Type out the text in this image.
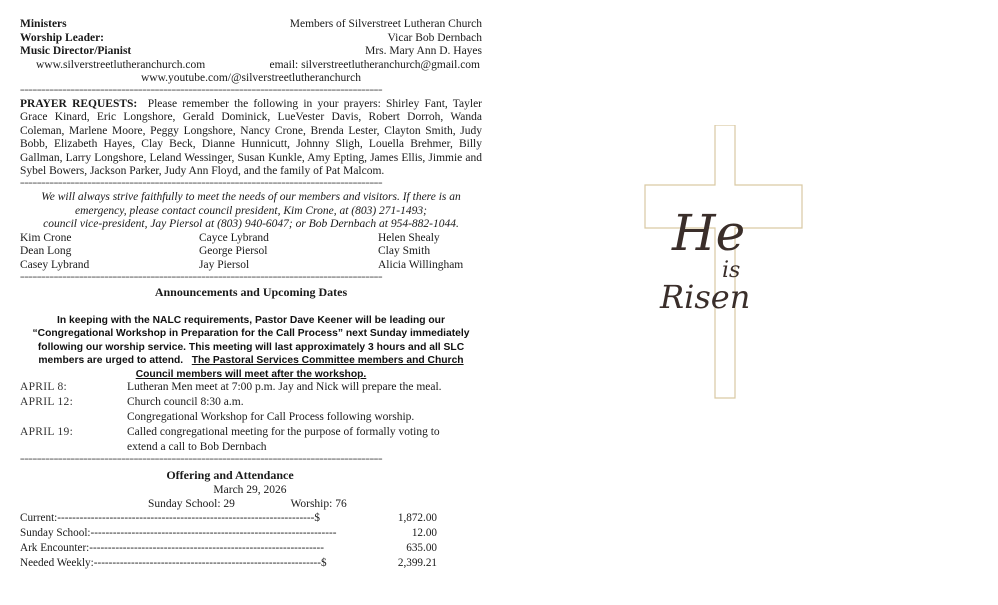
Ministers	Members of Silverstreet Lutheran Church
Worship Leader:	Vicar Bob Dernbach
Music Director/Pianist	Mrs. Mary Ann D. Hayes
www.silverstreetlutheranchurch.com	email: silverstreetlutheranchurch@gmail.com
www.youtube.com/@silverstreetlutheranchurch
======================================================================================
PRAYER REQUESTS: Please remember the following in your prayers: Shirley Fant, Tayler Grace Kinard, Eric Longshore, Gerald Dominick, LueVester Davis, Robert Dorroh, Wanda Coleman, Marlene Moore, Peggy Longshore, Nancy Crone, Brenda Lester, Clayton Smith, Judy Bobb, Elizabeth Hayes, Clay Beck, Dianne Hunnicutt, Johnny Sligh, Louella Brehmer, Billy Gallman, Larry Longshore, Leland Wessinger, Susan Kunkle, Amy Epting, James Ellis, Jimmie and Sybel Bowers, Jackson Parker, Judy Ann Floyd, and the family of Pat Malcom.
======================================================================================
We will always strive faithfully to meet the needs of our members and visitors. If there is an
emergency, please contact council president, Kim Crone, at (803) 271-1493;
council vice-president, Jay Piersol at (803) 940-6047; or Bob Dernbach at 954-882-1044.
Kim Crone	Cayce Lybrand	Helen Shealy
Dean Long	George Piersol	Clay Smith
Casey Lybrand	Jay Piersol	Alicia Willingham
======================================================================================
Announcements and Upcoming Dates
In keeping with the NALC requirements, Pastor Dave Keener will be leading our
“Congregational Workshop in Preparation for the Call Process” next Sunday immediately
following our worship service. This meeting will last approximately 3 hours and all SLC
members are urged to attend. The Pastoral Services Committee members and Church
Council members will meet after the workshop.
APRIL 8:	Lutheran Men meet at 7:00 p.m. Jay and Nick will prepare the meal.
APRIL 12:	Church council 8:30 a.m.
Congregational Workshop for Call Process following worship.
APRIL 19:	Called congregational meeting for the purpose of formally voting to
extend a call to Bob Dernbach
======================================================================================
Offering and Attendance
March 29, 2026
Sunday School: 29	Worship: 76
Current:---------------------------------------------------------------------$	1,872.00
Sunday School:------------------------------------------------------------------	12.00
Ark Encounter:---------------------------------------------------------------	635.00
Needed Weekly:-------------------------------------------------------------$	2,399.21
He
is
Risen
